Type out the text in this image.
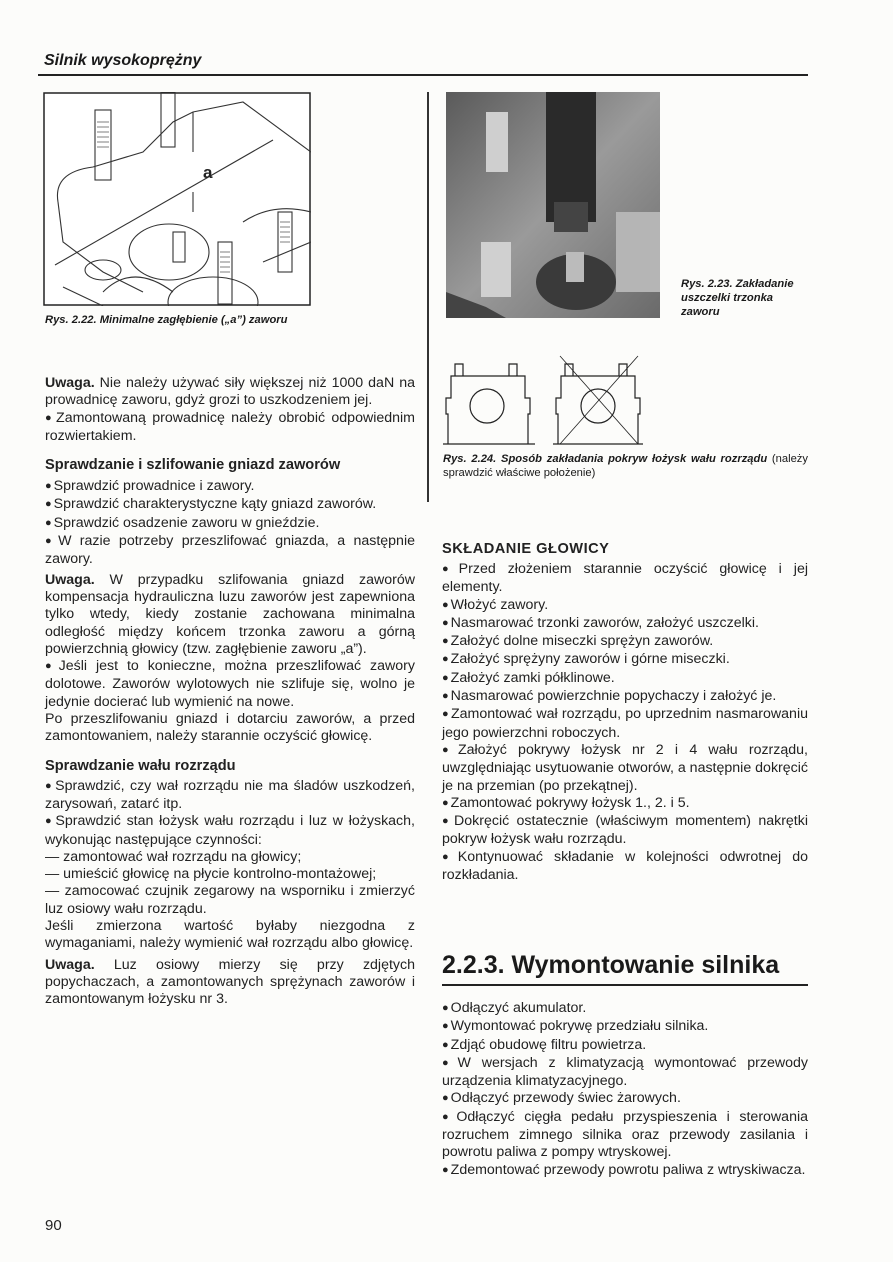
Silnik wysokoprężny
a
Rys. 2.22. Minimalne zagłębienie („a”) zaworu
Rys. 2.23. Zakładanie uszczelki trzonka zaworu
Rys. 2.24. Sposób zakładania pokryw łożysk wału rozrządu (należy sprawdzić właściwe położenie)

Uwaga. Nie należy używać siły większej niż 1000 daN na prowadnicę zaworu, gdyż grozi to uszkodzeniem jej.

● Zamontowaną prowadnicę należy obrobić odpowiednim rozwiertakiem.

Sprawdzanie i szlifowanie gniazd zaworów

● Sprawdzić prowadnice i zawory.

● Sprawdzić charakterystyczne kąty gniazd zaworów.

● Sprawdzić osadzenie zaworu w gnieździe.

● W razie potrzeby przeszlifować gniazda, a następnie zawory.

Uwaga. W przypadku szlifowania gniazd zaworów kompensacja hydrauliczna luzu zaworów jest zapewniona tylko wtedy, kiedy zostanie zachowana minimalna odległość między końcem trzonka zaworu a górną powierzchnią głowicy (tzw. zagłębienie zaworu „a”).

● Jeśli jest to konieczne, można przeszlifować zawory dolotowe. Zaworów wylotowych nie szlifuje się, wolno je jedynie docierać lub wymienić na nowe.

Po przeszlifowaniu gniazd i dotarciu zaworów, a przed zamontowaniem, należy starannie oczyścić głowicę.

Sprawdzanie wału rozrządu

● Sprawdzić, czy wał rozrządu nie ma śladów uszkodzeń, zarysowań, zatarć itp.

● Sprawdzić stan łożysk wału rozrządu i luz w łożyskach, wykonując następujące czynności:

— zamontować wał rozrządu na głowicy;

— umieścić głowicę na płycie kontrolno-montażowej;

— zamocować czujnik zegarowy na wsporniku i zmierzyć luz osiowy wału rozrządu.

Jeśli zmierzona wartość byłaby niezgodna z wymaganiami, należy wymienić wał rozrządu albo głowicę.

Uwaga. Luz osiowy mierzy się przy zdjętych popychaczach, a zamontowanych sprężynach zaworów i zamontowanym łożysku nr 3.

SKŁADANIE GŁOWICY

● Przed złożeniem starannie oczyścić głowicę i jej elementy.

● Włożyć zawory.

● Nasmarować trzonki zaworów, założyć uszczelki.

● Założyć dolne miseczki sprężyn zaworów.

● Założyć sprężyny zaworów i górne miseczki.

● Założyć zamki półklinowe.

● Nasmarować powierzchnie popychaczy i założyć je.

● Zamontować wał rozrządu, po uprzednim nasmarowaniu jego powierzchni roboczych.

● Założyć pokrywy łożysk nr 2 i 4 wału rozrządu, uwzględniając usytuowanie otworów, a następnie dokręcić je na przemian (po przekątnej).

● Zamontować pokrywy łożysk 1., 2. i 5.

● Dokręcić ostatecznie (właściwym momentem) nakrętki pokryw łożysk wału rozrządu.

● Kontynuować składanie w kolejności odwrotnej do rozkładania.

2.2.3. Wymontowanie silnika

● Odłączyć akumulator.

● Wymontować pokrywę przedziału silnika.

● Zdjąć obudowę filtru powietrza.

● W wersjach z klimatyzacją wymontować przewody urządzenia klimatyzacyjnego.

● Odłączyć przewody świec żarowych.

● Odłączyć cięgła pedału przyspieszenia i sterowania rozruchem zimnego silnika oraz przewody zasilania i powrotu paliwa z pompy wtryskowej.

● Zdemontować przewody powrotu paliwa z wtryskiwacza.

90
